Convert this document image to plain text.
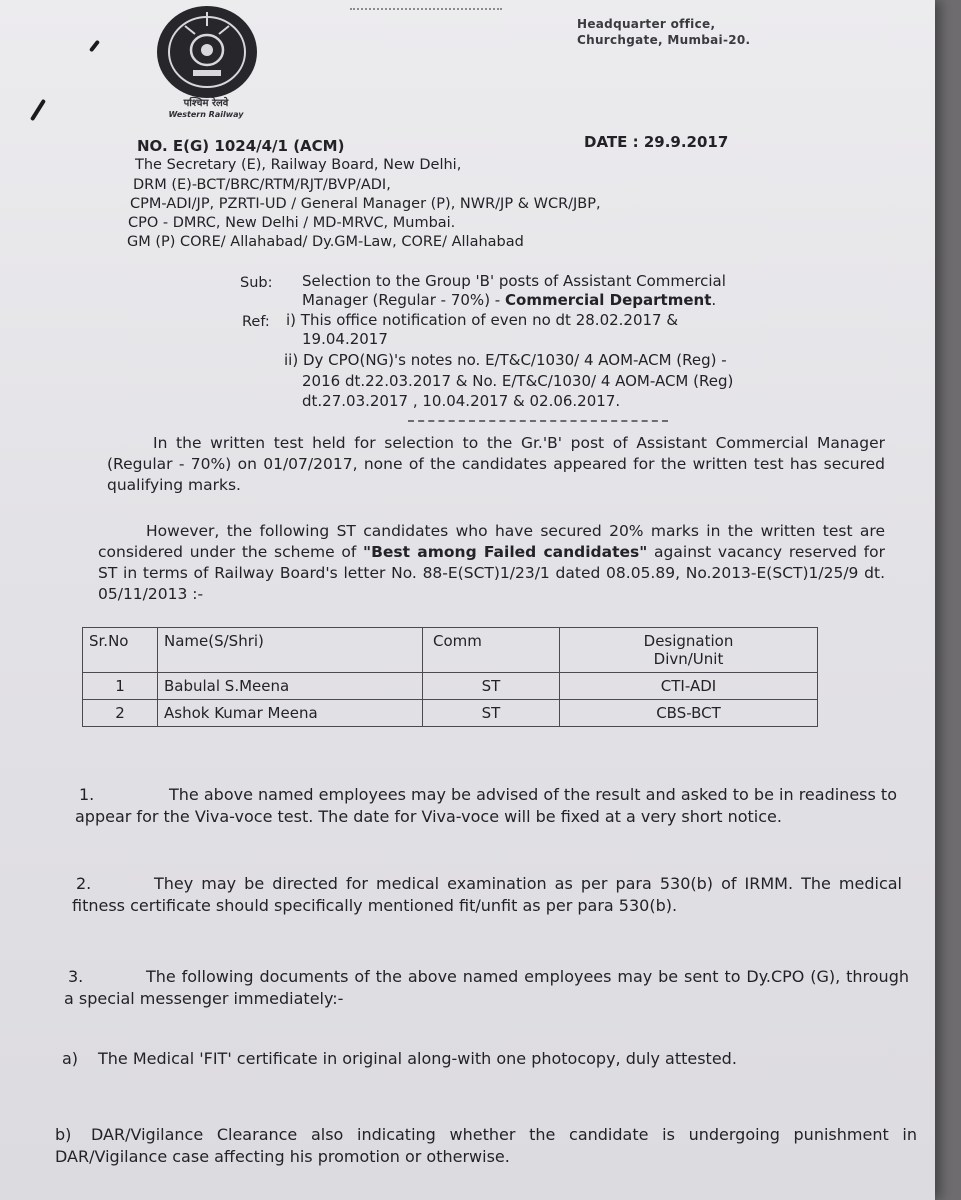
पश्चिम रेलवे
Western Railway
Headquarter office,
Churchgate, Mumbai-20.
NO. E(G) 1024/4/1 (ACM)	DATE : 29.9.2017
The Secretary (E), Railway Board, New Delhi,
DRM (E)-BCT/BRC/RTM/RJT/BVP/ADI,
CPM-ADI/JP, PZRTI-UD / General Manager (P), NWR/JP & WCR/JBP,
CPO - DMRC, New Delhi / MD-MRVC, Mumbai.
GM (P) CORE/ Allahabad/ Dy.GM-Law, CORE/ Allahabad
Sub: Selection to the Group 'B' posts of Assistant Commercial
Manager (Regular - 70%) - Commercial Department.
Ref: i) This office notification of even no dt 28.02.2017 &
19.04.2017
ii) Dy CPO(NG)'s notes no. E/T&C/1030/ 4 AOM-ACM (Reg) -
2016 dt.22.03.2017 & No. E/T&C/1030/ 4 AOM-ACM (Reg)
dt.27.03.2017 , 10.04.2017 & 02.06.2017.
In the written test held for selection to the Gr.'B' post of Assistant Commercial Manager (Regular - 70%) on 01/07/2017, none of the candidates appeared for the written test has secured qualifying marks.
However, the following ST candidates who have secured 20% marks in the written test are considered under the scheme of "Best among Failed candidates" against vacancy reserved for ST in terms of Railway Board's letter No. 88-E(SCT)1/23/1 dated 08.05.89, No.2013-E(SCT)1/25/9 dt. 05/11/2013 :-
Sr.No	Name(S/Shri)	Comm	Designation
Divn/Unit

1	Babulal S.Meena	ST	CTI-ADI
2	Ashok Kumar Meena	ST	CBS-BCT
1.	The above named employees may be advised of the result and asked to be in readiness to appear for the Viva-voce test. The date for Viva-voce will be fixed at a very short notice.
2.	They may be directed for medical examination as per para 530(b) of IRMM. The medical fitness certificate should specifically mentioned fit/unfit as per para 530(b).
3.	The following documents of the above named employees may be sent to Dy.CPO (G), through a special messenger immediately:-
a) The Medical 'FIT' certificate in original along-with one photocopy, duly attested.
b) DAR/Vigilance Clearance also indicating whether the candidate is undergoing punishment in DAR/Vigilance case affecting his promotion or otherwise.
